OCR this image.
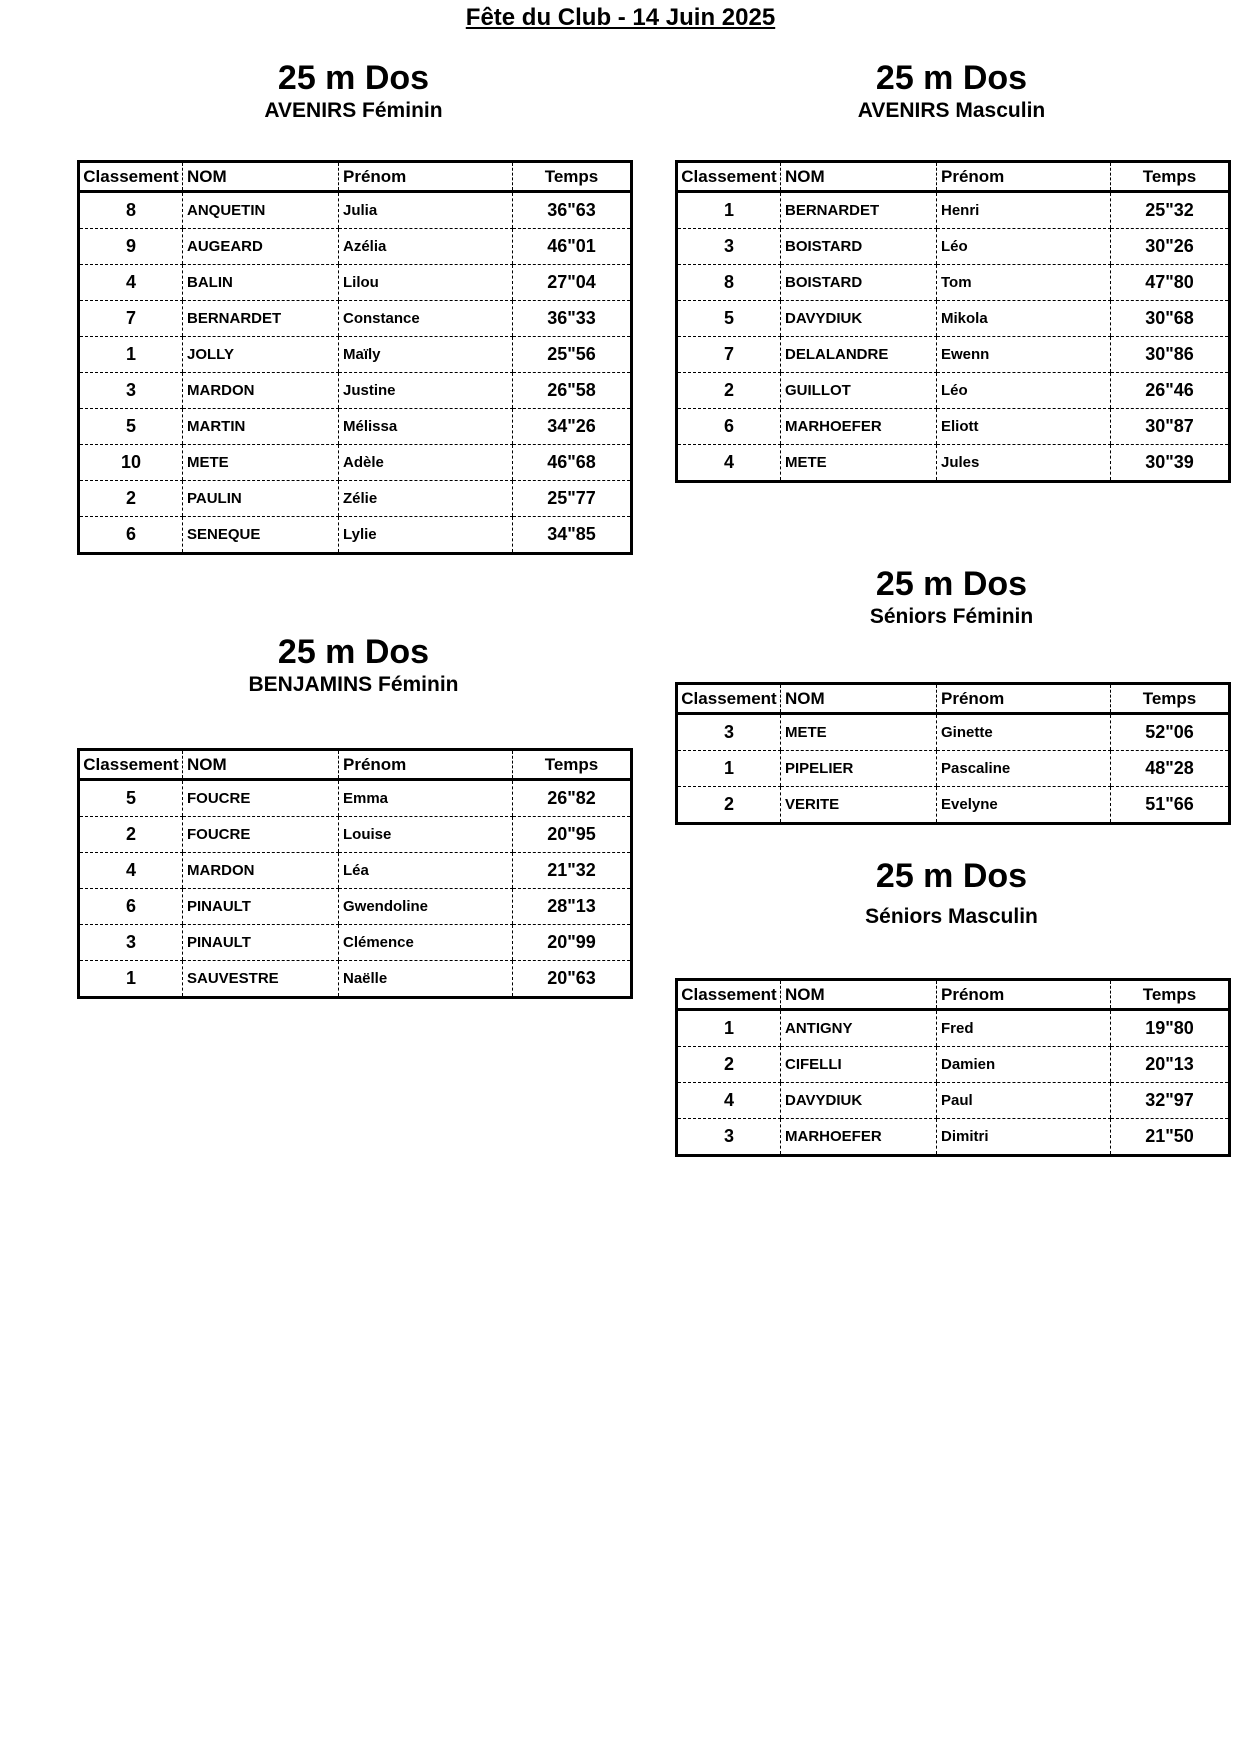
Fête du Club - 14 Juin 2025
25 m Dos
AVENIRS Féminin
Classement	NOM	Prénom	Temps
8	ANQUETIN	Julia	36"63
9	AUGEARD	Azélia	46"01
4	BALIN	Lilou	27"04
7	BERNARDET	Constance	36"33
1	JOLLY	Maïly	25"56
3	MARDON	Justine	26"58
5	MARTIN	Mélissa	34"26
10	METE	Adèle	46"68
2	PAULIN	Zélie	25"77
6	SENEQUE	Lylie	34"85
25 m Dos
AVENIRS Masculin
Classement	NOM	Prénom	Temps
1	BERNARDET	Henri	25"32
3	BOISTARD	Léo	30"26
8	BOISTARD	Tom	47"80
5	DAVYDIUK	Mikola	30"68
7	DELALANDRE	Ewenn	30"86
2	GUILLOT	Léo	26"46
6	MARHOEFER	Eliott	30"87
4	METE	Jules	30"39
25 m Dos
BENJAMINS Féminin
Classement	NOM	Prénom	Temps
5	FOUCRE	Emma	26"82
2	FOUCRE	Louise	20"95
4	MARDON	Léa	21"32
6	PINAULT	Gwendoline	28"13
3	PINAULT	Clémence	20"99
1	SAUVESTRE	Naëlle	20"63
25 m Dos
Séniors Féminin
Classement	NOM	Prénom	Temps
3	METE	Ginette	52"06
1	PIPELIER	Pascaline	48"28
2	VERITE	Evelyne	51"66
25 m Dos
Séniors Masculin
Classement	NOM	Prénom	Temps
1	ANTIGNY	Fred	19"80
2	CIFELLI	Damien	20"13
4	DAVYDIUK	Paul	32"97
3	MARHOEFER	Dimitri	21"50
